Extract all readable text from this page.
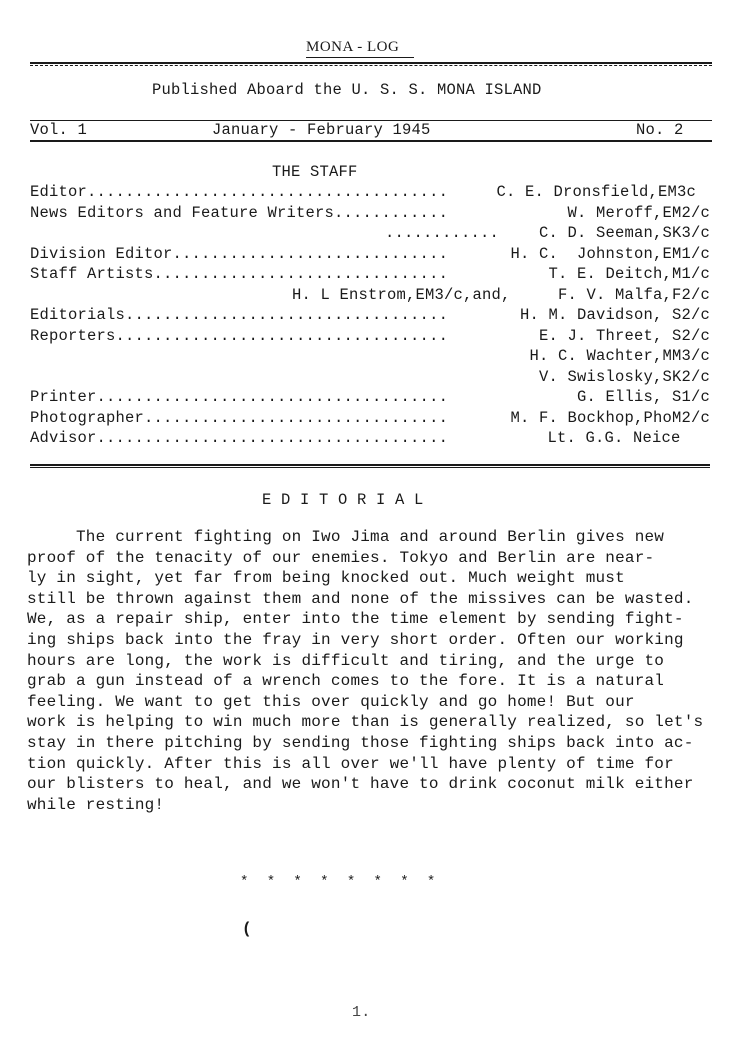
MONA - LOG
Published Aboard the U. S. S. MONA ISLAND
Vol. 1	January - February 1945	No. 2
THE STAFF
Editor......................................	C. E. Dronsfield,EM3c
News Editors and Feature Writers............	W. Meroff,EM2/c
............	C. D. Seeman,SK3/c
Division Editor.............................	H. C.  Johnston,EM1/c
Staff Artists...............................	T. E. Deitch,M1/c
H. L Enstrom,EM3/c,and,	F. V. Malfa,F2/c
Editorials..................................	H. M. Davidson, S2/c
Reporters...................................	E. J. Threet, S2/c
H. C. Wachter,MM3/c
V. Swislosky,SK2/c
Printer.....................................	G. Ellis, S1/c
Photographer................................	M. F. Bockhop,PhoM2/c
Advisor.....................................	Lt. G.G. Neice
E D I T O R I A L
The current fighting on Iwo Jima and around Berlin gives new
proof of the tenacity of our enemies. Tokyo and Berlin are near-
ly in sight, yet far from being knocked out. Much weight must
still be thrown against them and none of the missives can be wasted.
We, as a repair ship, enter into the time element by sending fight-
ing ships back into the fray in very short order. Often our working
hours are long, the work is difficult and tiring, and the urge to
grab a gun instead of a wrench comes to the fore. It is a natural
feeling. We want to get this over quickly and go home! But our
work is helping to win much more than is generally realized, so let's
stay in there pitching by sending those fighting ships back into ac-
tion quickly. After this is all over we'll have plenty of time for
our blisters to heal, and we won't have to drink coconut milk either
while resting!
*  *  *  *  *  *  *  *
(
1.
